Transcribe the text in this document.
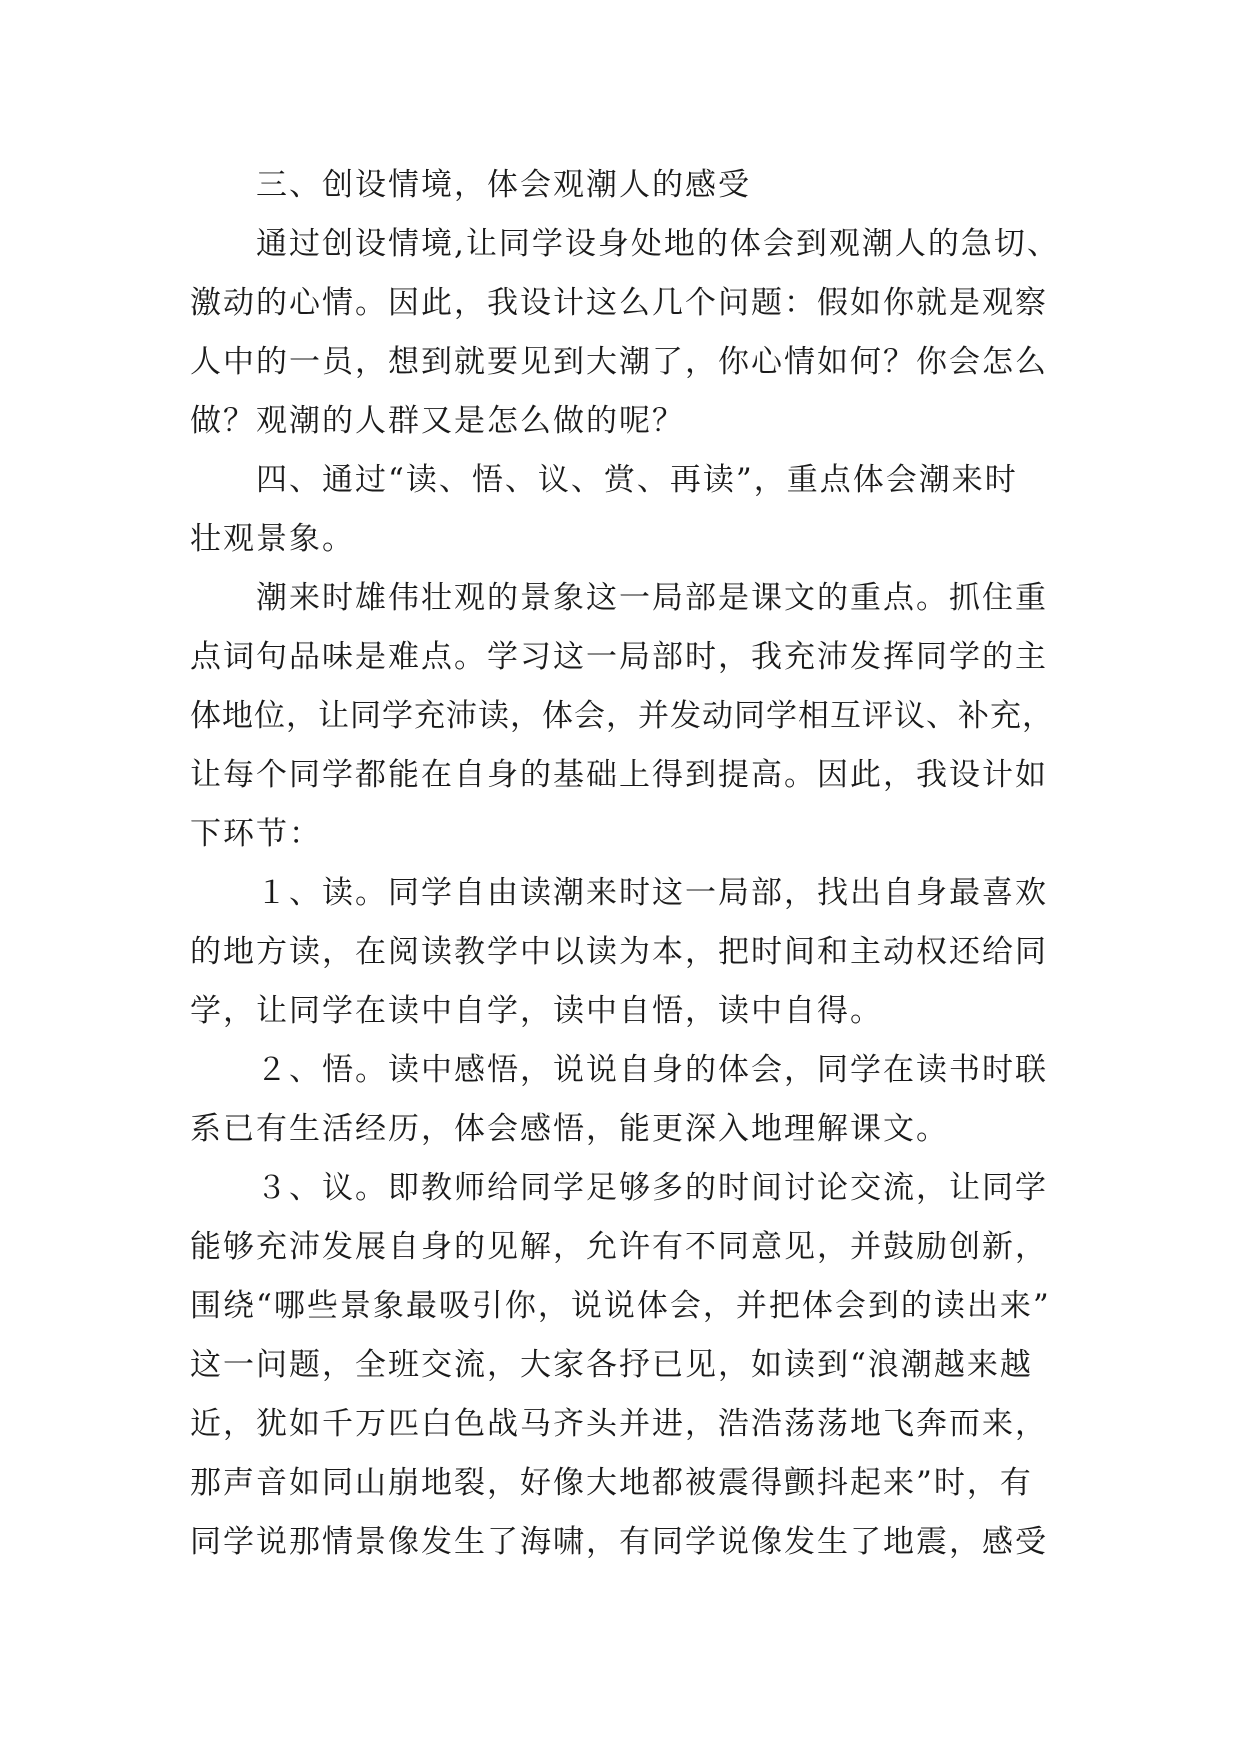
三、创设情境，体会观潮人的感受
通过创设情境,让同学设身处地的体会到观潮人的急切、
激动的心情。因此，我设计这么几个问题：假如你就是观察
人中的一员，想到就要见到大潮了，你心情如何？你会怎么
做？观潮的人群又是怎么做的呢？
四、通过“读、悟、议、赏、再读”，重点体会潮来时
壮观景象。
潮来时雄伟壮观的景象这一局部是课文的重点。抓住重
点词句品味是难点。学习这一局部时，我充沛发挥同学的主
体地位，让同学充沛读，体会，并发动同学相互评议、补充，
让每个同学都能在自身的基础上得到提高。因此，我设计如
下环节：
１、读。同学自由读潮来时这一局部，找出自身最喜欢
的地方读，在阅读教学中以读为本，把时间和主动权还给同
学，让同学在读中自学，读中自悟，读中自得。
２、悟。读中感悟，说说自身的体会，同学在读书时联
系已有生活经历，体会感悟，能更深入地理解课文。
３、议。即教师给同学足够多的时间讨论交流，让同学
能够充沛发展自身的见解，允许有不同意见，并鼓励创新，
围绕“哪些景象最吸引你，说说体会，并把体会到的读出来”
这一问题，全班交流，大家各抒已见，如读到“浪潮越来越
近，犹如千万匹白色战马齐头并进，浩浩荡荡地飞奔而来，
那声音如同山崩地裂，好像大地都被震得颤抖起来”时，有
同学说那情景像发生了海啸，有同学说像发生了地震，感受
